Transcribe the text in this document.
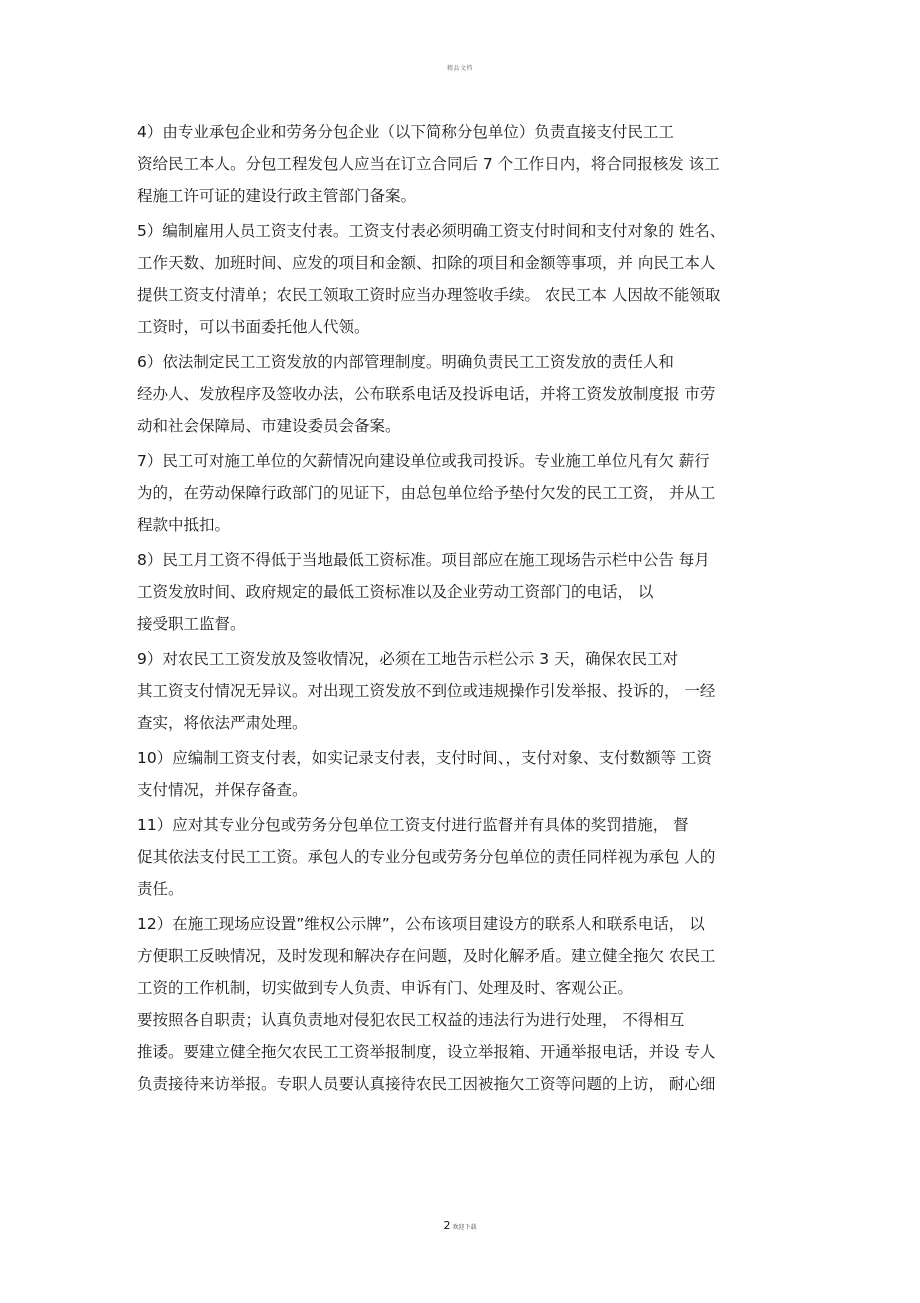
精品文档
4）由专业承包企业和劳务分包企业（以下简称分包单位）负责直接支付民工工
资给民工本人。分包工程发包人应当在订立合同后 7 个工作日内，将合同报核发 该工
程施工许可证的建设行政主管部门备案。
5）编制雇用人员工资支付表。工资支付表必须明确工资支付时间和支付对象的 姓名、
工作天数、加班时间、应发的项目和金额、扣除的项目和金额等事项，并 向民工本人
提供工资支付清单；农民工领取工资时应当办理签收手续。 农民工本 人因故不能领取
工资时，可以书面委托他人代领。
6）依法制定民工工资发放的内部管理制度。明确负责民工工资发放的责任人和
经办人、发放程序及签收办法，公布联系电话及投诉电话，并将工资发放制度报 市劳
动和社会保障局、市建设委员会备案。
7）民工可对施工单位的欠薪情况向建设单位或我司投诉。专业施工单位凡有欠 薪行
为的，在劳动保障行政部门的见证下，由总包单位给予垫付欠发的民工工资， 并从工
程款中抵扣。
8）民工月工资不得低于当地最低工资标准。项目部应在施工现场告示栏中公告 每月
工资发放时间、政府规定的最低工资标准以及企业劳动工资部门的电话， 以
接受职工监督。
9）对农民工工资发放及签收情况，必须在工地告示栏公示 3 天，确保农民工对
其工资支付情况无异议。对出现工资发放不到位或违规操作引发举报、投诉的， 一经
查实，将依法严肃处理。
10）应编制工资支付表，如实记录支付表，支付时间、，支付对象、支付数额等 工资
支付情况，并保存备查。
11）应对其专业分包或劳务分包单位工资支付进行监督并有具体的奖罚措施， 督
促其依法支付民工工资。承包人的专业分包或劳务分包单位的责任同样视为承包 人的
责任。
12）在施工现场应设置”维权公示牌”，公布该项目建设方的联系人和联系电话， 以
方便职工反映情况，及时发现和解决存在问题，及时化解矛盾。建立健全拖欠 农民工
工资的工作机制，切实做到专人负责、申诉有门、处理及时、客观公正。
要按照各自职责；认真负责地对侵犯农民工权益的违法行为进行处理， 不得相互
推诿。要建立健全拖欠农民工工资举报制度，设立举报箱、开通举报电话，并设 专人
负责接待来访举报。专职人员要认真接待农民工因被拖欠工资等问题的上访， 耐心细
2 欢迎下载
